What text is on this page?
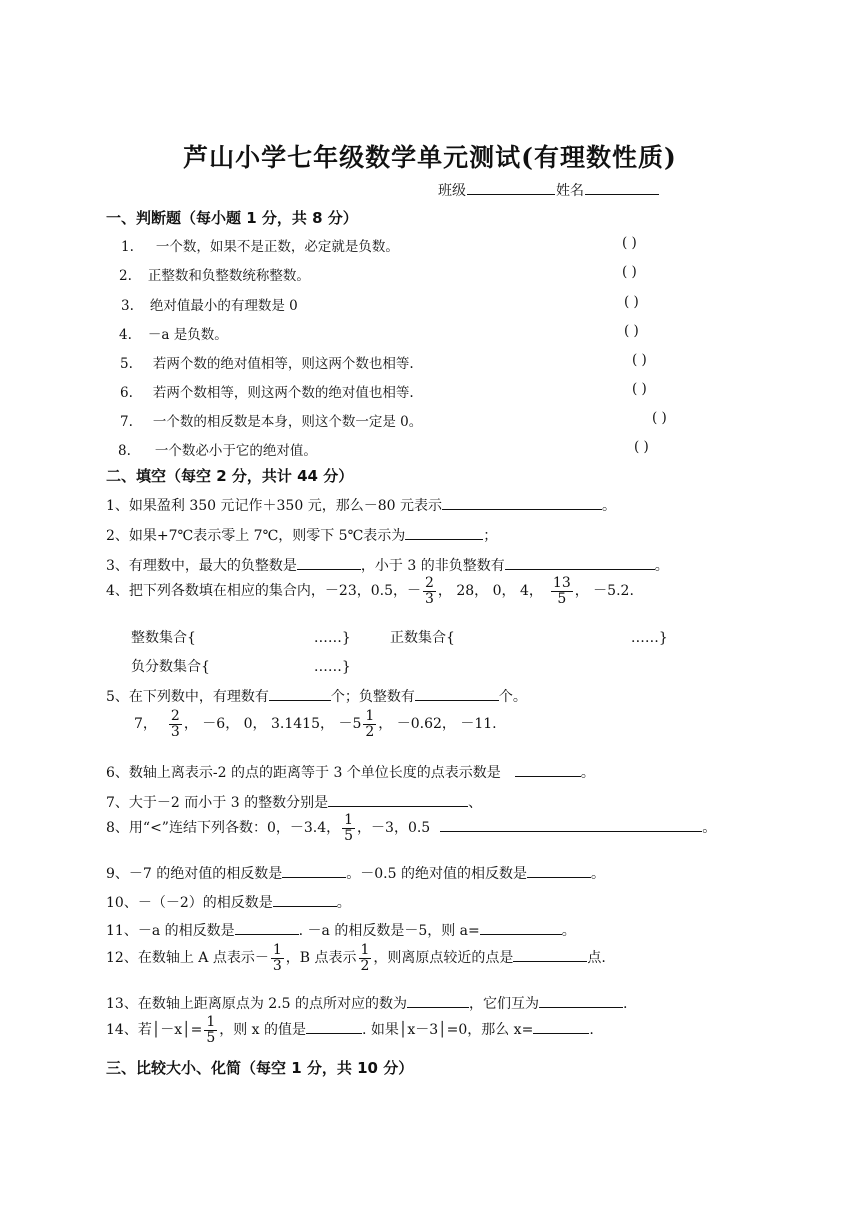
芦山小学七年级数学单元测试(有理数性质)
班级	姓名
一、判断题（每小题 1 分，共 8 分）
1. 一个数，如果不是正数，必定就是负数。	( )
2. 正整数和负整数统称整数。	( )
3. 绝对值最小的有理数是 0	( )
4. －a 是负数。	( )
5. 若两个数的绝对值相等，则这两个数也相等.	( )
6. 若两个数相等，则这两个数的绝对值也相等.	( )
7. 一个数的相反数是本身，则这个数一定是 0。	( )
8. 一个数必小于它的绝对值。	( )
二、填空（每空 2 分，共计 44 分）
1、如果盈利 350 元记作＋350 元，那么－80 元表示	。
2、如果+7℃表示零上 7℃，则零下 5℃表示为	；
3、有理数中，最大的负整数是	，小于 3 的非负整数有	。
4、把下列各数填在相应的集合内，－23，0.5，－ $\frac{2}{3}$ ， 28， 0， 4， $\frac{13}{5}$ ， －5.2.
整数集合{	……}	正数集合{	……}
负分数集合{	……}
5、在下列数中，有理数有	个；负整数有	个。
7， $\frac{2}{3}$ ， －6， 0， 3.1415， $-5 \frac{1}{2}$ ， －0.62， －11.
6、数轴上离表示-2 的点的距离等于 3 个单位长度的点表示数是	。
7、大于－2 而小于 3 的整数分别是	、
8、用“<”连结下列各数：0，－3.4， $\frac{1}{5}$ ，－3，0.5	。
9、－7 的绝对值的相反数是	。－0.5 的绝对值的相反数是	。
10、－（－2）的相反数是	。
11、－a 的相反数是	. －a 的相反数是－5，则 a=	。
12、在数轴上 A 点表示－ $\frac{1}{3}$ ，B 点表示 $\frac{1}{2}$ ，则离原点较近的点是	点.
13、在数轴上距离原点为 2.5 的点所对应的数为	，它们互为	.
14、若│－x│= $\frac{1}{5}$ ，则 x 的值是	. 如果│x－3│=0，那么 x=	.
三、比较大小、化简（每空 1 分，共 10 分）
